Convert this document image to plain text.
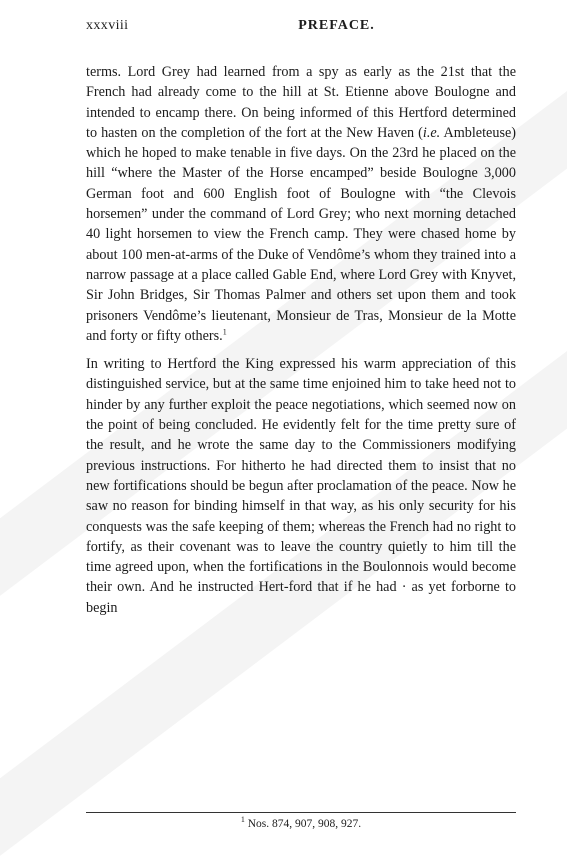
xxxviii	PREFACE.

terms. Lord Grey had learned from a spy as early as the 21st that the French had already come to the hill at St. Etienne above Boulogne and intended to encamp there. On being informed of this Hertford determined to hasten on the completion of the fort at the New Haven (i.e. Ambleteuse) which he hoped to make tenable in five days. On the 23rd he placed on the hill “where the Master of the Horse encamped” beside Boulogne 3,000 German foot and 600 English foot of Boulogne with “the Clevois horsemen” under the command of Lord Grey; who next morning detached 40 light horsemen to view the French camp. They were chased home by about 100 men-at-arms of the Duke of Vendôme’s whom they trained into a narrow passage at a place called Gable End, where Lord Grey with Knyvet, Sir John Bridges, Sir Thomas Palmer and others set upon them and took prisoners Vendôme’s lieutenant, Monsieur de Tras, Monsieur de la Motte and forty or fifty others.$^1$

In writing to Hertford the King expressed his warm appreciation of this distinguished service, but at the same time enjoined him to take heed not to hinder by any further exploit the peace negotiations, which seemed now on the point of being concluded. He evidently felt for the time pretty sure of the result, and he wrote the same day to the Commissioners modifying previous instructions. For hitherto he had directed them to insist that no new fortifications should be begun after proclamation of the peace. Now he saw no reason for binding himself in that way, as his only security for his conquests was the safe keeping of them; whereas the French had no right to fortify, as their covenant was to leave the country quietly to him till the time agreed upon, when the fortifications in the Boulonnois would become their own. And he instructed Hert-ford that if he had · as yet forborne to begin

$^1$ Nos. 874, 907, 908, 927.
